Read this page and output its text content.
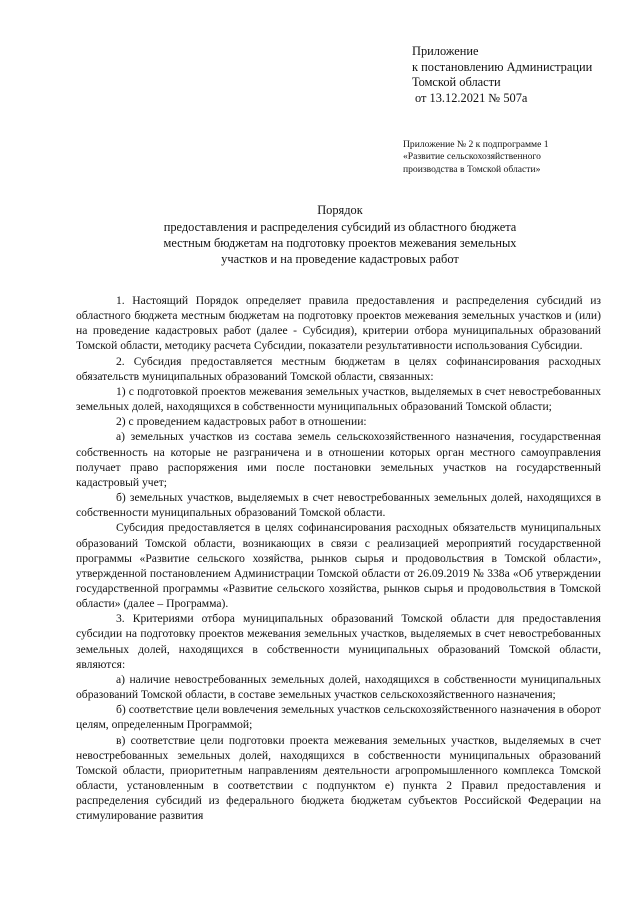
Приложение
к постановлению Администрации
Томской области
от 13.12.2021 № 507а
Приложение № 2 к подпрограмме 1
«Развитие сельскохозяйственного
производства в Томской области»
Порядок
предоставления и распределения субсидий из областного бюджета
местным бюджетам на подготовку проектов межевания земельных
участков и на проведение кадастровых работ

1. Настоящий Порядок определяет правила предоставления и распределения субсидий из областного бюджета местным бюджетам на подготовку проектов межевания земельных участков и (или) на проведение кадастровых работ (далее - Субсидия), критерии отбора муниципальных образований Томской области, методику расчета Субсидии, показатели результативности использования Субсидии.

2. Субсидия предоставляется местным бюджетам в целях софинансирования расходных обязательств муниципальных образований Томской области, связанных:

1) с подготовкой проектов межевания земельных участков, выделяемых в счет невостребованных земельных долей, находящихся в собственности муниципальных образований Томской области;

2) с проведением кадастровых работ в отношении:

а) земельных участков из состава земель сельскохозяйственного назначения, государственная собственность на которые не разграничена и в отношении которых орган местного самоуправления получает право распоряжения ими после постановки земельных участков на государственный кадастровый учет;

б) земельных участков, выделяемых в счет невостребованных земельных долей, находящихся в собственности муниципальных образований Томской области.

Субсидия предоставляется в целях софинансирования расходных обязательств муниципальных образований Томской области, возникающих в связи с реализацией мероприятий государственной программы «Развитие сельского хозяйства, рынков сырья и продовольствия в Томской области», утвержденной постановлением Администрации Томской области от 26.09.2019 № 338а «Об утверждении государственной программы «Развитие сельского хозяйства, рынков сырья и продовольствия в Томской области» (далее – Программа).

3. Критериями отбора муниципальных образований Томской области для предоставления субсидии на подготовку проектов межевания земельных участков, выделяемых в счет невостребованных земельных долей, находящихся в собственности муниципальных образований Томской области, являются:

а) наличие невостребованных земельных долей, находящихся в собственности муниципальных образований Томской области, в составе земельных участков сельскохозяйственного назначения;

б) соответствие цели вовлечения земельных участков сельскохозяйственного назначения в оборот целям, определенным Программой;

в) соответствие цели подготовки проекта межевания земельных участков, выделяемых в счет невостребованных земельных долей, находящихся в собственности муниципальных образований Томской области, приоритетным направлениям деятельности агропромышленного комплекса Томской области, установленным в соответствии с подпунктом е) пункта 2 Правил предоставления и распределения субсидий из федерального бюджета бюджетам субъектов Российской Федерации на стимулирование развития
